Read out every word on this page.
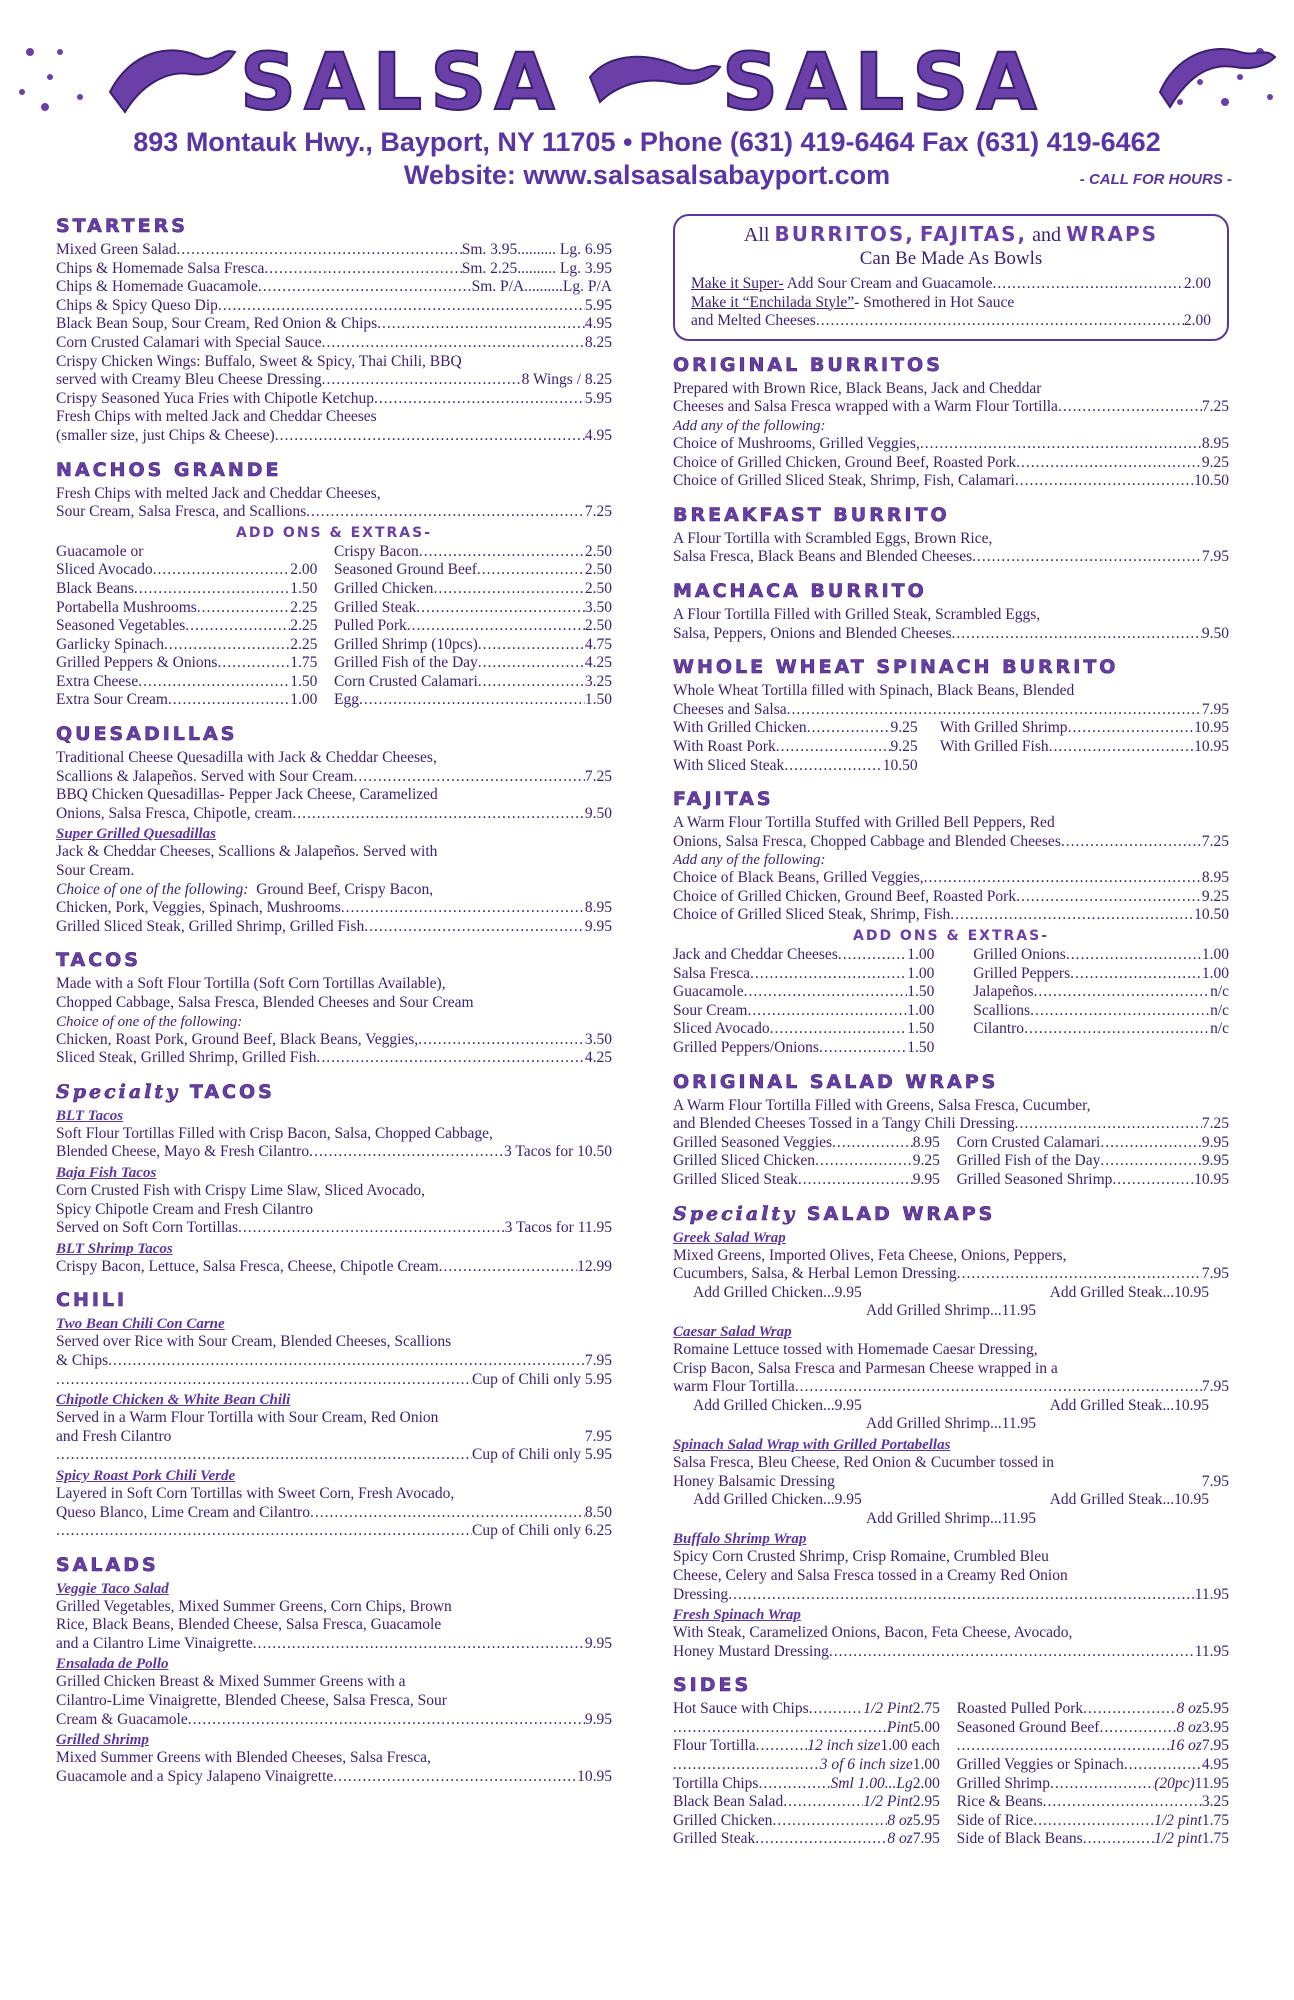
SALSA SALSA
893 Montauk Hwy., Bayport, NY 11705 • Phone (631) 419-6464 Fax (631) 419-6462
Website: www.salsasalsabayport.com	- CALL FOR HOURS -
STARTERS
Mixed Green Salad .....	Sm. 3.95.......... Lg. 6.95
Chips & Homemade Salsa Fresca .....	Sm. 2.25.......... Lg. 3.95
Chips & Homemade Guacamole .....	Sm. P/A..........Lg. P/A
Chips & Spicy Queso Dip .....	5.95
Black Bean Soup, Sour Cream, Red Onion & Chips .....	4.95
Corn Crusted Calamari with Special Sauce .....	8.25
Crispy Chicken Wings: Buffalo, Sweet & Spicy, Thai Chili, BBQ
served with Creamy Bleu Cheese Dressing .....	8 Wings / 8.25
Crispy Seasoned Yuca Fries with Chipotle Ketchup .....	5.95
Fresh Chips with melted Jack and Cheddar Cheeses
(smaller size, just Chips & Cheese) .....	4.95
NACHOS GRANDE
Fresh Chips with melted Jack and Cheddar Cheeses,
Sour Cream, Salsa Fresca, and Scallions .....	7.25
ADD ONS & EXTRAS-
Guacamole or
Sliced Avocado .....	2.00
Black Beans .....	1.50
Portabella Mushrooms .....	2.25
Seasoned Vegetables .....	2.25
Garlicky Spinach .....	2.25
Grilled Peppers & Onions .....	1.75
Extra Cheese .....	1.50
Extra Sour Cream .....	1.00
Crispy Bacon .....	2.50
Seasoned Ground Beef .....	2.50
Grilled Chicken .....	2.50
Grilled Steak .....	3.50
Pulled Pork .....	2.50
Grilled Shrimp (10pcs) .....	4.75
Grilled Fish of the Day .....	4.25
Corn Crusted Calamari .....	3.25
Egg .....	1.50
QUESADILLAS
Traditional Cheese Quesadilla with Jack & Cheddar Cheeses,
Scallions & Jalapeños. Served with Sour Cream .....	7.25
BBQ Chicken Quesadillas- Pepper Jack Cheese, Caramelized
Onions, Salsa Fresca, Chipotle, cream .....	9.50
Super Grilled Quesadillas
Jack & Cheddar Cheeses, Scallions & Jalapeños. Served with
Sour Cream.
Choice of one of the following: Ground Beef, Crispy Bacon,
Chicken, Pork, Veggies, Spinach, Mushrooms .....	8.95
Grilled Sliced Steak, Grilled Shrimp, Grilled Fish .....	9.95
TACOS
Made with a Soft Flour Tortilla (Soft Corn Tortillas Available),
Chopped Cabbage, Salsa Fresca, Blended Cheeses and Sour Cream
Choice of one of the following:
Chicken, Roast Pork, Ground Beef, Black Beans, Veggies, .....	3.50
Sliced Steak, Grilled Shrimp, Grilled Fish .....	4.25
Specialty TACOS
BLT Tacos
Soft Flour Tortillas Filled with Crisp Bacon, Salsa, Chopped Cabbage,
Blended Cheese, Mayo & Fresh Cilantro .....	3 Tacos for 10.50
Baja Fish Tacos
Corn Crusted Fish with Crispy Lime Slaw, Sliced Avocado,
Spicy Chipotle Cream and Fresh Cilantro
Served on Soft Corn Tortillas .....	3 Tacos for 11.95
BLT Shrimp Tacos
Crispy Bacon, Lettuce, Salsa Fresca, Cheese, Chipotle Cream .....	12.99
CHILI
Two Bean Chili Con Carne
Served over Rice with Sour Cream, Blended Cheeses, Scallions
& Chips .....	7.95
.....
Cup of Chili only 5.95
Chipotle Chicken & White Bean Chili
Served in a Warm Flour Tortilla with Sour Cream, Red Onion
and Fresh Cilantro	7.95
.....
Cup of Chili only 5.95
Spicy Roast Pork Chili Verde
Layered in Soft Corn Tortillas with Sweet Corn, Fresh Avocado,
Queso Blanco, Lime Cream and Cilantro .....	8.50
.....
Cup of Chili only 6.25
SALADS
Veggie Taco Salad
Grilled Vegetables, Mixed Summer Greens, Corn Chips, Brown
Rice, Black Beans, Blended Cheese, Salsa Fresca, Guacamole
and a Cilantro Lime Vinaigrette .....	9.95
Ensalada de Pollo
Grilled Chicken Breast & Mixed Summer Greens with a
Cilantro-Lime Vinaigrette, Blended Cheese, Salsa Fresca, Sour
Cream & Guacamole .....	9.95
Grilled Shrimp
Mixed Summer Greens with Blended Cheeses, Salsa Fresca,
Guacamole and a Spicy Jalapeno Vinaigrette .....	10.95
All BURRITOS, FAJITAS, and WRAPS
Can Be Made As Bowls
Make it Super- Add Sour Cream and Guacamole .....	2.00
Make it “Enchilada Style”- Smothered in Hot Sauce
and Melted Cheeses .....	2.00
ORIGINAL BURRITOS
Prepared with Brown Rice, Black Beans, Jack and Cheddar
Cheeses and Salsa Fresca wrapped with a Warm Flour Tortilla .....	7.25
Add any of the following:
Choice of Mushrooms, Grilled Veggies, .....	8.95
Choice of Grilled Chicken, Ground Beef, Roasted Pork .....	9.25
Choice of Grilled Sliced Steak, Shrimp, Fish, Calamari .....	10.50
BREAKFAST BURRITO
A Flour Tortilla with Scrambled Eggs, Brown Rice,
Salsa Fresca, Black Beans and Blended Cheeses .....	7.95
MACHACA BURRITO
A Flour Tortilla Filled with Grilled Steak, Scrambled Eggs,
Salsa, Peppers, Onions and Blended Cheeses .....	9.50
WHOLE WHEAT SPINACH BURRITO
Whole Wheat Tortilla filled with Spinach, Black Beans, Blended
Cheeses and Salsa .....	7.95
With Grilled Chicken .....	9.25
With Roast Pork .....	9.25
With Sliced Steak .....	10.50
With Grilled Shrimp .....	10.95
With Grilled Fish .....	10.95
FAJITAS
A Warm Flour Tortilla Stuffed with Grilled Bell Peppers, Red
Onions, Salsa Fresca, Chopped Cabbage and Blended Cheeses .....	7.25
Add any of the following:
Choice of Black Beans, Grilled Veggies, .....	8.95
Choice of Grilled Chicken, Ground Beef, Roasted Pork .....	9.25
Choice of Grilled Sliced Steak, Shrimp, Fish .....	10.50
ADD ONS & EXTRAS-
Jack and Cheddar Cheeses .....	1.00
Salsa Fresca .....	1.00
Guacamole .....	1.50
Sour Cream .....	1.00
Sliced Avocado .....	1.50
Grilled Peppers/Onions .....	1.50
Grilled Onions .....	1.00
Grilled Peppers .....	1.00
Jalapeños .....	n/c
Scallions .....	n/c
Cilantro .....	n/c
ORIGINAL SALAD WRAPS
A Warm Flour Tortilla Filled with Greens, Salsa Fresca, Cucumber,
and Blended Cheeses Tossed in a Tangy Chili Dressing .....	7.25
Grilled Seasoned Veggies .....	8.95
Grilled Sliced Chicken .....	9.25
Grilled Sliced Steak .....	9.95
Corn Crusted Calamari .....	9.95
Grilled Fish of the Day .....	9.95
Grilled Seasoned Shrimp .....	10.95
Specialty SALAD WRAPS
Greek Salad Wrap
Mixed Greens, Imported Olives, Feta Cheese, Onions, Peppers,
Cucumbers, Salsa, & Herbal Lemon Dressing .....	7.95
Add Grilled Chicken...9.95	Add Grilled Steak...10.95
Add Grilled Shrimp...11.95
Caesar Salad Wrap
Romaine Lettuce tossed with Homemade Caesar Dressing,
Crisp Bacon, Salsa Fresca and Parmesan Cheese wrapped in a
warm Flour Tortilla .....	7.95
Add Grilled Chicken...9.95	Add Grilled Steak...10.95
Add Grilled Shrimp...11.95
Spinach Salad Wrap with Grilled Portabellas
Salsa Fresca, Bleu Cheese, Red Onion & Cucumber tossed in
Honey Balsamic Dressing	7.95
Add Grilled Chicken...9.95	Add Grilled Steak...10.95
Add Grilled Shrimp...11.95
Buffalo Shrimp Wrap
Spicy Corn Crusted Shrimp, Crisp Romaine, Crumbled Bleu
Cheese, Celery and Salsa Fresca tossed in a Creamy Red Onion
Dressing .....	11.95
Fresh Spinach Wrap
With Steak, Caramelized Onions, Bacon, Feta Cheese, Avocado,
Honey Mustard Dressing .....	11.95
SIDES
Hot Sauce with Chips .....	1/2 Pint 2.75
.....
Pint 5.00
Flour Tortilla .....	12 inch size 1.00 each
.....
3 of 6 inch size 1.00
Tortilla Chips .....	Sml 1.00...Lg 2.00
Black Bean Salad .....	1/2 Pint 2.95
Grilled Chicken .....	8 oz 5.95
Grilled Steak .....	8 oz 7.95
Roasted Pulled Pork .....	8 oz 5.95
Seasoned Ground Beef .....	8 oz 3.95
.....
16 oz 7.95
Grilled Veggies or Spinach .....	4.95
Grilled Shrimp .....	(20pc) 11.95
Rice & Beans .....	3.25
Side of Rice .....	1/2 pint 1.75
Side of Black Beans .....	1/2 pint 1.75
